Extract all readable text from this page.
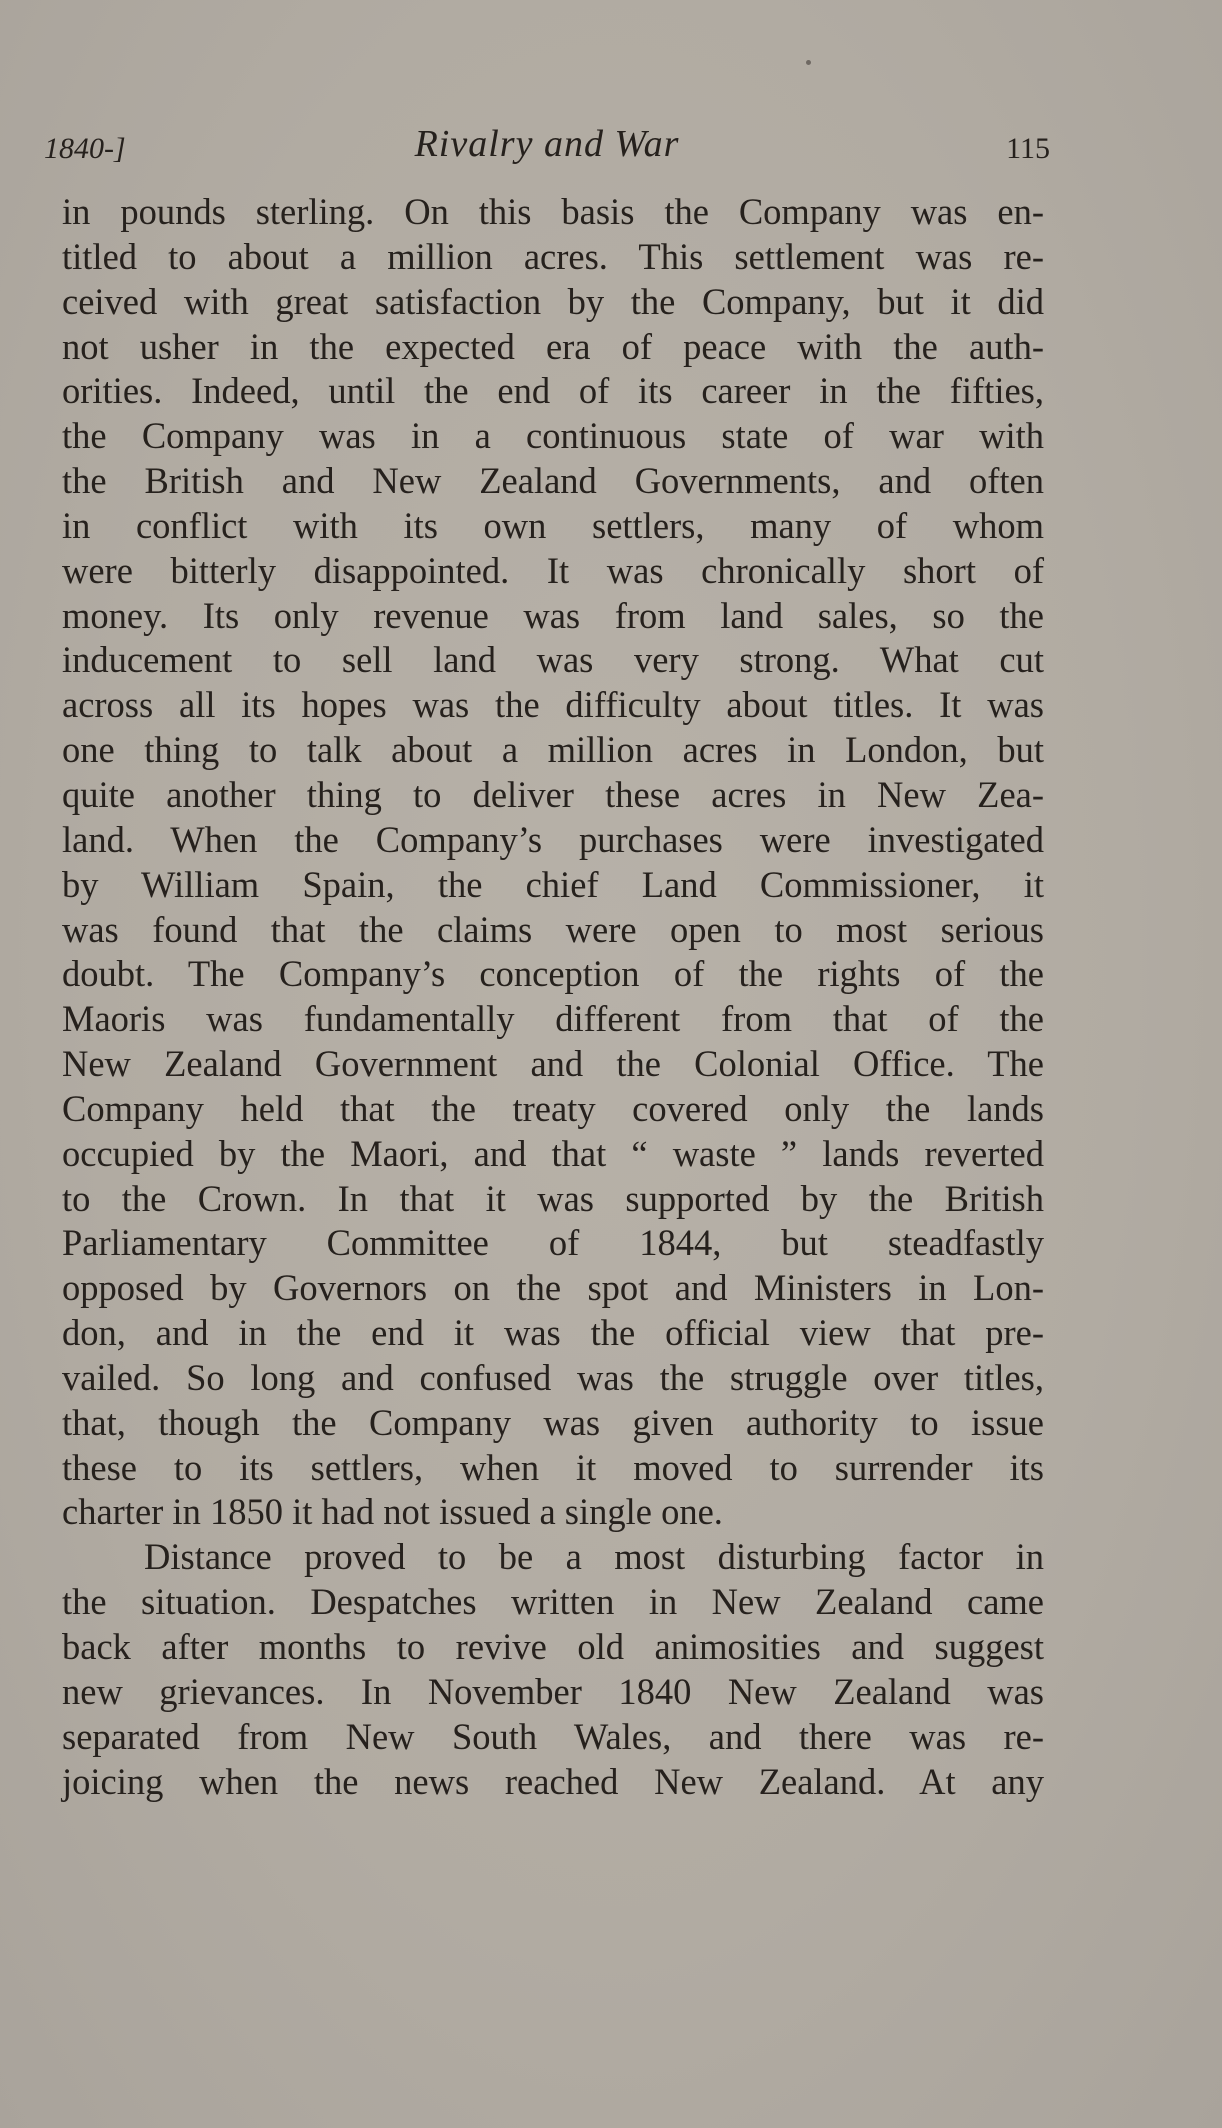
1840-]	Rivalry and War	115
in pounds sterling. On this basis the Company was en-
titled to about a million acres. This settlement was re-
ceived with great satisfaction by the Company, but it did
not usher in the expected era of peace with the auth-
orities. Indeed, until the end of its career in the fifties,
the Company was in a continuous state of war with
the British and New Zealand Governments, and often
in conflict with its own settlers, many of whom
were bitterly disappointed. It was chronically short of
money. Its only revenue was from land sales, so the
inducement to sell land was very strong. What cut
across all its hopes was the difficulty about titles. It was
one thing to talk about a million acres in London, but
quite another thing to deliver these acres in New Zea-
land. When the Company’s purchases were investigated
by William Spain, the chief Land Commissioner, it
was found that the claims were open to most serious
doubt. The Company’s conception of the rights of the
Maoris was fundamentally different from that of the
New Zealand Government and the Colonial Office. The
Company held that the treaty covered only the lands
occupied by the Maori, and that “ waste ” lands reverted
to the Crown. In that it was supported by the British
Parliamentary Committee of 1844, but steadfastly
opposed by Governors on the spot and Ministers in Lon-
don, and in the end it was the official view that pre-
vailed. So long and confused was the struggle over titles,
that, though the Company was given authority to issue
these to its settlers, when it moved to surrender its
charter in 1850 it had not issued a single one.
Distance proved to be a most disturbing factor in
the situation. Despatches written in New Zealand came
back after months to revive old animosities and suggest
new grievances. In November 1840 New Zealand was
separated from New South Wales, and there was re-
joicing when the news reached New Zealand. At any
